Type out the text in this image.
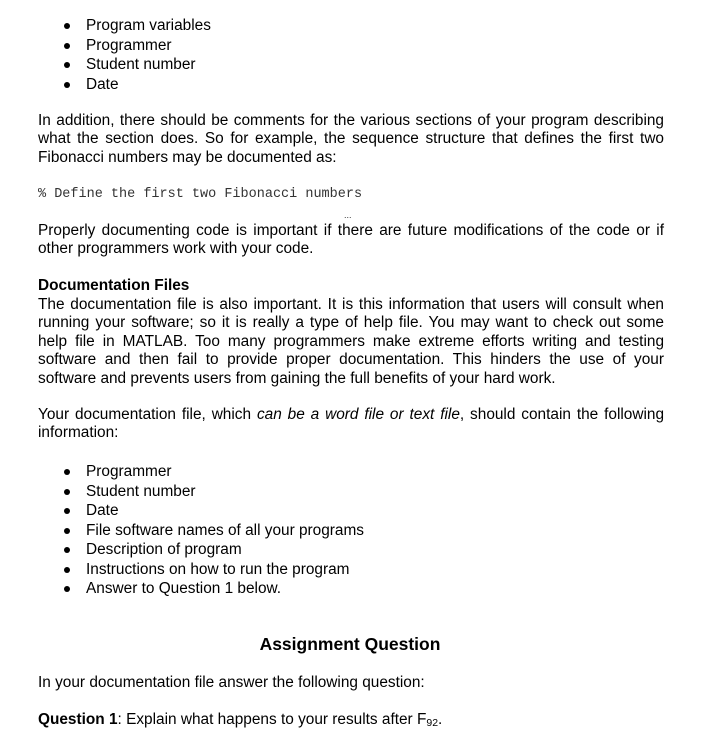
Program variables
Programmer
Student number
Date

In addition, there should be comments for the various sections of your program describing
what the section does. So for example, the sequence structure that defines the first two
Fibonacci numbers may be documented as:

% Define the first two Fibonacci numbers
...

Properly documenting code is important if there are future modifications of the code or if
other programmers work with your code.

Documentation Files

The documentation file is also important. It is this information that users will consult when
running your software; so it is really a type of help file. You may want to check out some
help file in MATLAB. Too many programmers make extreme efforts writing and testing
software and then fail to provide proper documentation. This hinders the use of your
software and prevents users from gaining the full benefits of your hard work.

Your documentation file, which can be a word file or text file, should contain the following
information:

Programmer
Student number
Date
File software names of all your programs
Description of program
Instructions on how to run the program
Answer to Question 1 below.
Assignment Question
In your documentation file answer the following question:
Question 1: Explain what happens to your results after $F_{92}$.
